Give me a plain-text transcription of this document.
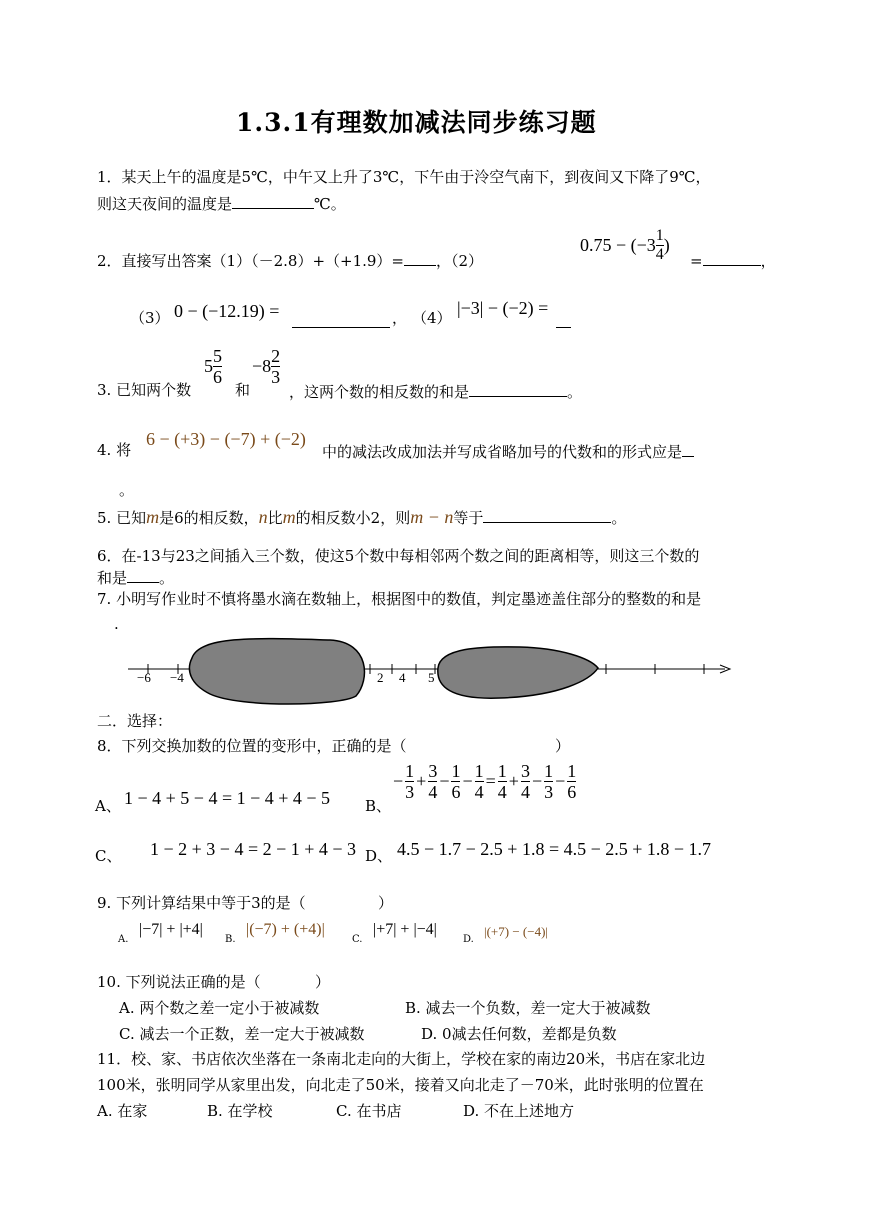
1.3.1有理数加减法同步练习题
1．某天上午的温度是5℃，中午又上升了3℃，下午由于泠空气南下，到夜间又下降了9℃，
则这天夜间的温度是	℃。
2．直接写出答案（1）（－2.8）+（+1.9）= ，（2）
$0.75 - (-3 \frac{1}{4}$ )
=	，
（3） 0 − (−12.19) =	， （4） |−3| − (−2) =
3. 已知两个数
$5 \frac{5}{6}$
和
$-8 \frac{2}{3}$
，这两个数的相反数的和是	。
4. 将
6 − (+3) − (−7) + (−2)
中的减法改成加法并写成省略加号的代数和的形式应是
。
5. 已知m是6的相反数，n比m的相反数小2，则m − n等于	。
6．在-13与23之间插入三个数，使这5个数中每相邻两个数之间的距离相等，则这三个数的
和是 。
7. 小明写作业时不慎将墨水滴在数轴上，根据图中的数值，判定墨迹盖住部分的整数的和是
.
−6 −4	2 4 5
二．选择：
8．下列交换加数的位置的变形中，正确的是（	）
A、 1 − 4 + 5 − 4 = 1 − 4 + 4 − 5 B、
− $\frac{1}{3} + \frac{3}{4} - \frac{1}{6} - \frac{1}{4} = \frac{1}{4} + \frac{3}{4} - \frac{1}{3} - \frac{1}{6}$
C、 1 − 2 + 3 − 4 = 2 − 1 + 4 − 3 D、 4.5 − 1.7 − 2.5 + 1.8 = 4.5 − 2.5 + 1.8 − 1.7
9. 下列计算结果中等于3的是（	）
A.
|−7| + |+4|
B.
|(−7) + (+4)|
C.
|+7| + |−4|
D.
|(+7) − (−4)|
10. 下列说法正确的是（	）
A. 两个数之差一定小于被减数	B. 减去一个负数，差一定大于被减数
C. 减去一个正数，差一定大于被减数	D. 0减去任何数，差都是负数
11．校、家、书店依次坐落在一条南北走向的大街上，学校在家的南边20米，书店在家北边
100米，张明同学从家里出发，向北走了50米，接着又向北走了－70米，此时张明的位置在
A. 在家	B. 在学校	C. 在书店	D. 不在上述地方
